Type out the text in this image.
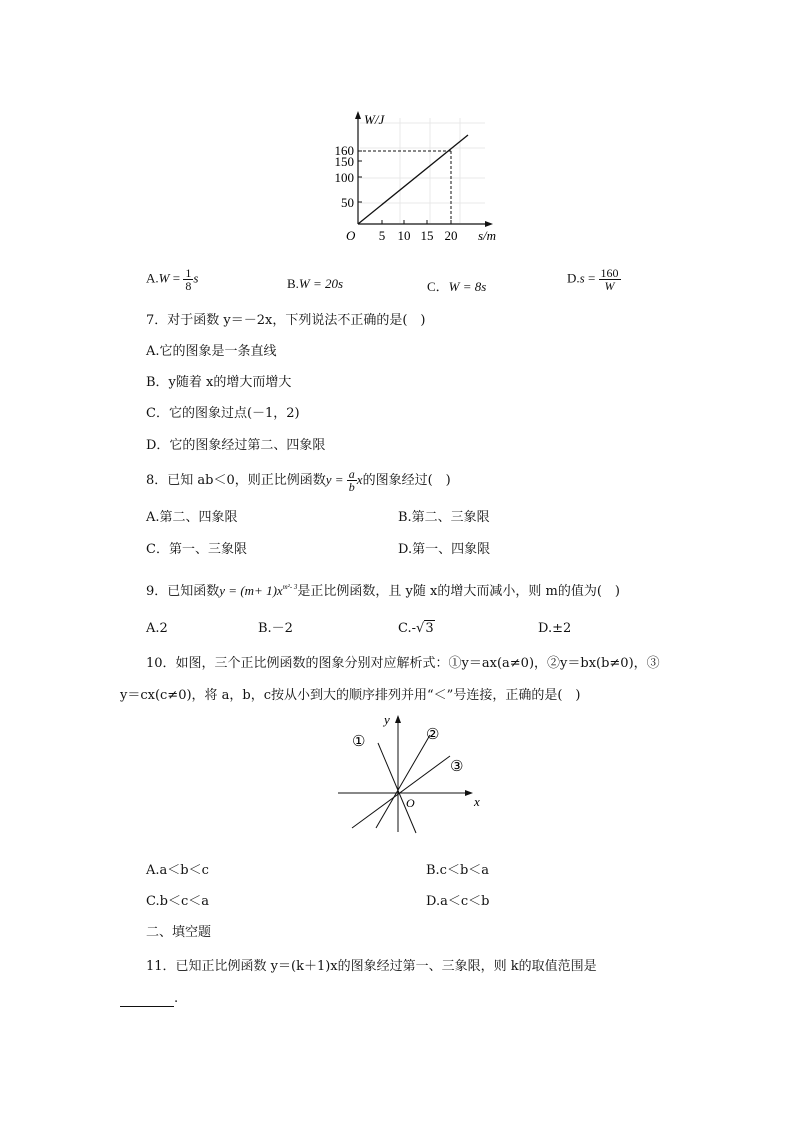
W/J
160
150
100
50
O 5 10 15 20 s/m
$A.W = \frac{1}{8}$ s	B.W = 20s	C．W = 8s
$D.s = \frac{160}{W}$
7．对于函数 y＝－2x，下列说法不正确的是(　)
A.它的图象是一条直线
B．y随着 x的增大而增大
C．它的图象过点(－1，2)
D．它的图象经过第二、四象限
8．已知 ab＜0，则正比例函数$y = \frac{a}{b}$ x的图象经过(　)
A.第二、四象限	B.第二、三象限
C．第一、三象限	D.第一、四象限
9．已知函数$y = (m+ 1)x^{m^2- 3}$是正比例函数，且 y随 x的增大而减小，则 m的值为(　)
A.2	B.－2	C.-√3	D.±2
10．如图，三个正比例函数的图象分别对应解析式：①y＝ax(a≠0)，②y＝bx(b≠0)，③
y＝cx(c≠0)，将 a，b，c按从小到大的顺序排列并用“＜”号连接，正确的是(　)
①	②
③
y
x
O
A.a＜b＜c	B.c＜b＜a
C.b＜c＜a	D.a＜c＜b
二、填空题
11．已知正比例函数 y＝(k＋1)x的图象经过第一、三象限，则 k的取值范围是
.
